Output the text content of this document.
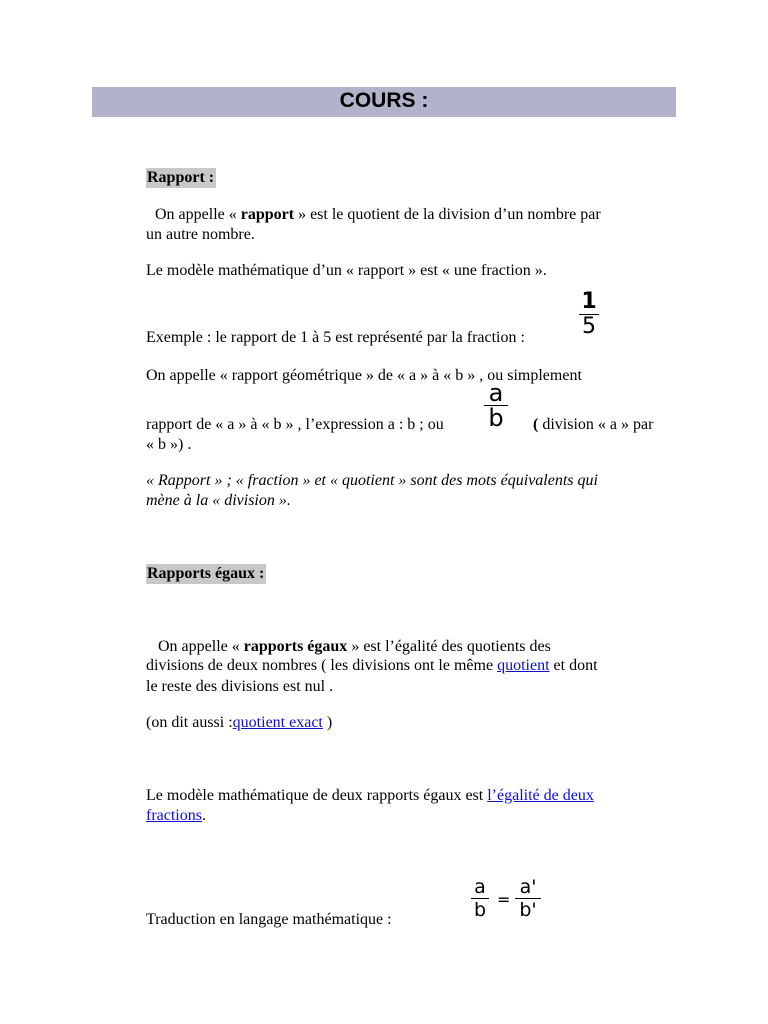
COURS :
Rapport :
On appelle « rapport » est le quotient de la division d’un nombre par
un autre nombre.
Le modèle mathématique d’un « rapport » est « une fraction ».
1
5
Exemple : le rapport de 1 à 5 est représenté par la fraction :
On appelle « rapport géométrique » de « a » à « b » , ou simplement
a
b
rapport de « a » à « b » , l’expression a : b ; ou	( division « a » par
« b ») .
« Rapport » ; « fraction » et « quotient » sont des mots équivalents qui
mène à la « division ».
Rapports égaux :
On appelle « rapports égaux » est l’égalité des quotients des
divisions de deux nombres ( les divisions ont le même quotient et dont
le reste des divisions est nul .
(on dit aussi :quotient exact )
Le modèle mathématique de deux rapports égaux est l’égalité de deux
fractions.
Traduction en langage mathématique :
a
b =
a'
b'
